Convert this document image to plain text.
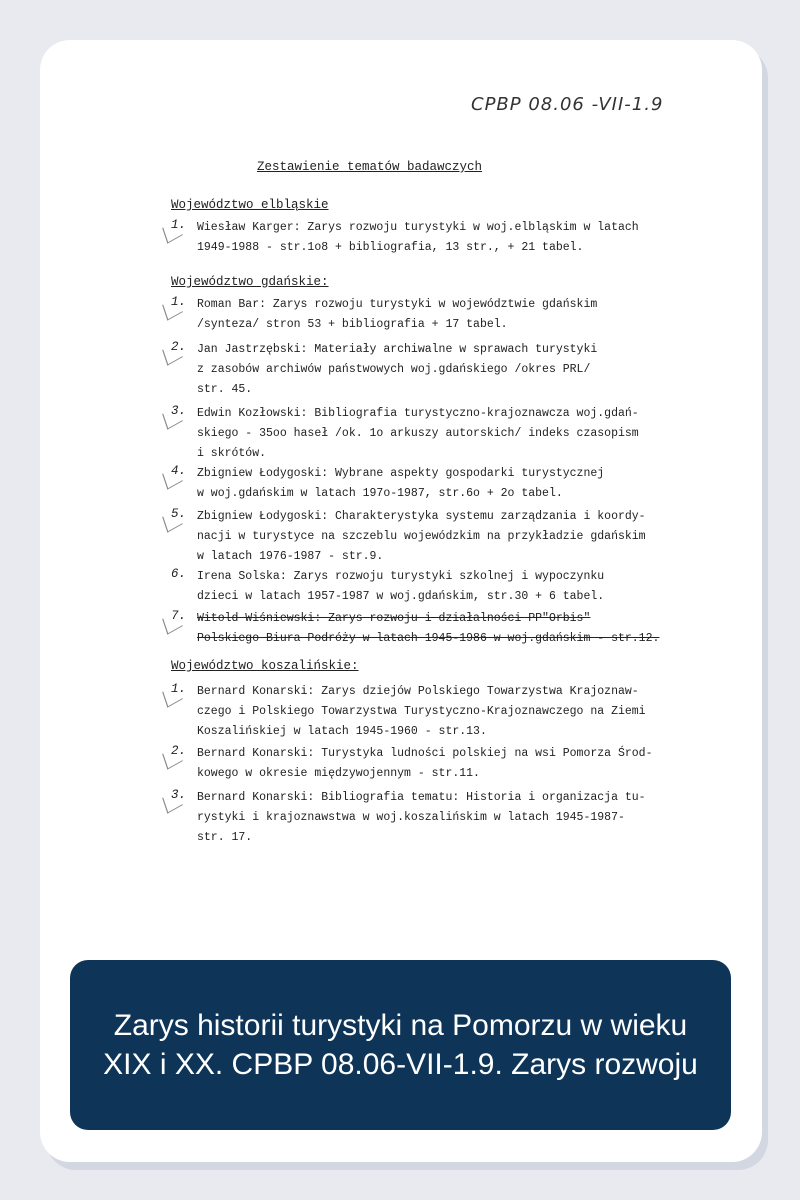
CPBP 08.06 -VII-1.9
Zestawienie tematów badawczych
Województwo elbląskie
1. Wiesław Karger: Zarys rozwoju turystyki w woj.elbląskim w latach
1949-1988 - str.1o8 + bibliografia, 13 str., + 21 tabel.
Województwo gdańskie:
1. Roman Bar: Zarys rozwoju turystyki w województwie gdańskim
/synteza/ stron 53 + bibliografia + 17 tabel.
2. Jan Jastrzębski: Materiały archiwalne w sprawach turystyki
z zasobów archiwów państwowych woj.gdańskiego /okres PRL/
str. 45.
3. Edwin Kozłowski: Bibliografia turystyczno-krajoznawcza woj.gdań-
skiego - 35oo haseł /ok. 1o arkuszy autorskich/ indeks czasopism
i skrótów.
4. Zbigniew Łodygoski: Wybrane aspekty gospodarki turystycznej
w woj.gdańskim w latach 197o-1987, str.6o + 2o tabel.
5. Zbigniew Łodygoski: Charakterystyka systemu zarządzania i koordy-
nacji w turystyce na szczeblu wojewódzkim na przykładzie gdańskim
w latach 1976-1987 - str.9.
6. Irena Solska: Zarys rozwoju turystyki szkolnej i wypoczynku
dzieci w latach 1957-1987 w woj.gdańskim, str.30 + 6 tabel.
7. Witold Wiśniewski: Zarys rozwoju i działalności PP"Orbis"
Polskiego Biura Podróży w latach 1945-1986 w woj.gdańskim - str.12.
Województwo koszalińskie:
1. Bernard Konarski: Zarys dziejów Polskiego Towarzystwa Krajoznaw-
czego i Polskiego Towarzystwa Turystyczno-Krajoznawczego na Ziemi
Koszalińskiej w latach 1945-1960 - str.13.
2. Bernard Konarski: Turystyka ludności polskiej na wsi Pomorza Środ-
kowego w okresie międzywojennym - str.11.
3. Bernard Konarski: Bibliografia tematu: Historia i organizacja tu-
rystyki i krajoznawstwa w woj.koszalińskim w latach 1945-1987-
str. 17.
Zarys historii turystyki na Pomorzu w wieku XIX i XX. CPBP 08.06-VII-1.9. Zarys rozwoju
